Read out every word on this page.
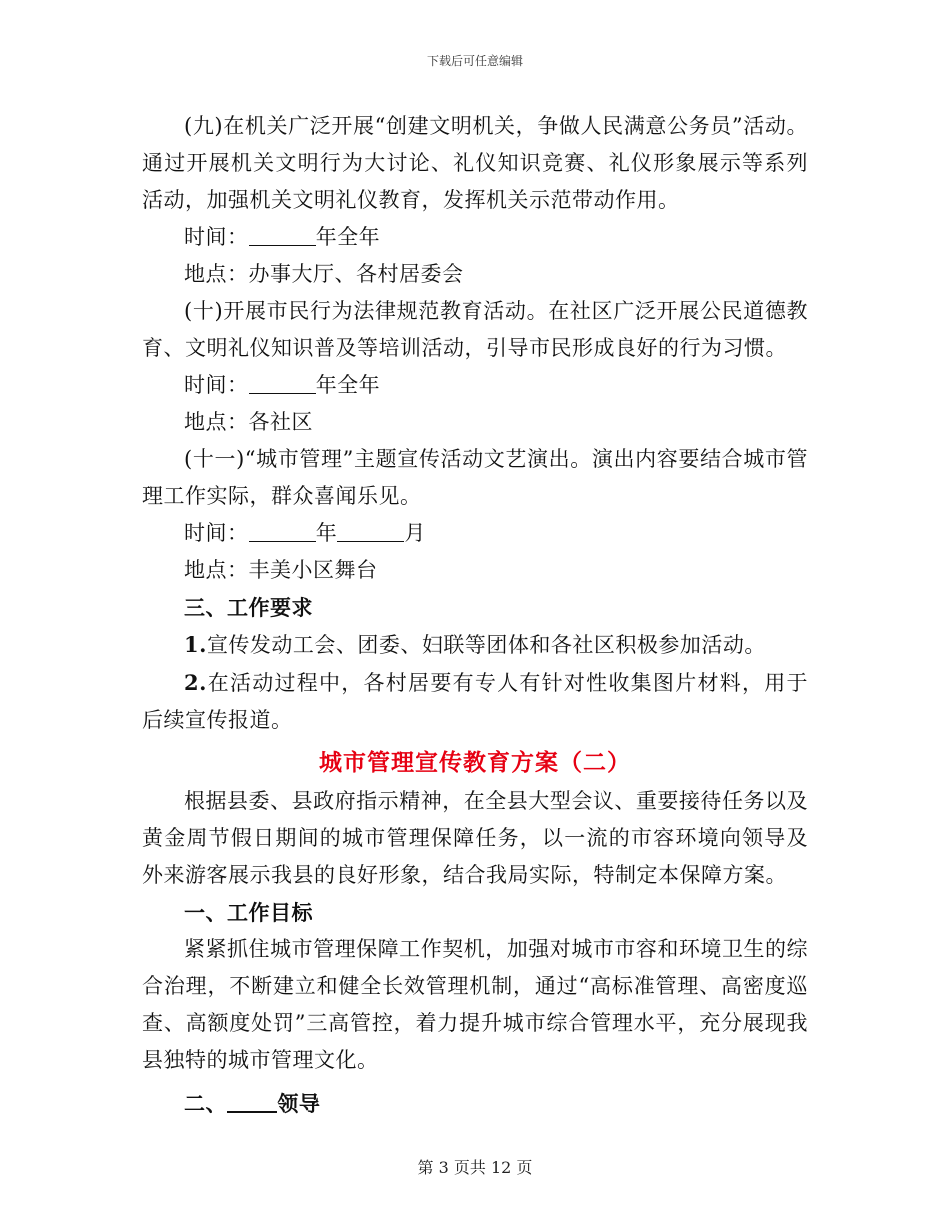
下载后可任意编辑

(九)在机关广泛开展“创建文明机关，争做人民满意公务员”活动。通过开展机关文明行为大讨论、礼仪知识竞赛、礼仪形象展示等系列活动，加强机关文明礼仪教育，发挥机关示范带动作用。

时间：	年全年

地点：办事大厅、各村居委会

(十)开展市民行为法律规范教育活动。在社区广泛开展公民道德教育、文明礼仪知识普及等培训活动，引导市民形成良好的行为习惯。

时间：	年全年

地点：各社区

(十一)“城市管理”主题宣传活动文艺演出。演出内容要结合城市管理工作实际，群众喜闻乐见。

时间：	年	月

地点：丰美小区舞台

三、工作要求

1.宣传发动工会、团委、妇联等团体和各社区积极参加活动。

2.在活动过程中，各村居要有专人有针对性收集图片材料，用于后续宣传报道。

城市管理宣传教育方案（二）

根据县委、县政府指示精神，在全县大型会议、重要接待任务以及黄金周节假日期间的城市管理保障任务，以一流的市容环境向领导及外来游客展示我县的良好形象，结合我局实际，特制定本保障方案。

一、工作目标

紧紧抓住城市管理保障工作契机，加强对城市市容和环境卫生的综合治理，不断建立和健全长效管理机制，通过“高标准管理、高密度巡查、高额度处罚”三高管控，着力提升城市综合管理水平，充分展现我县独特的城市管理文化。

二、 领导

第 3 页共 12 页
